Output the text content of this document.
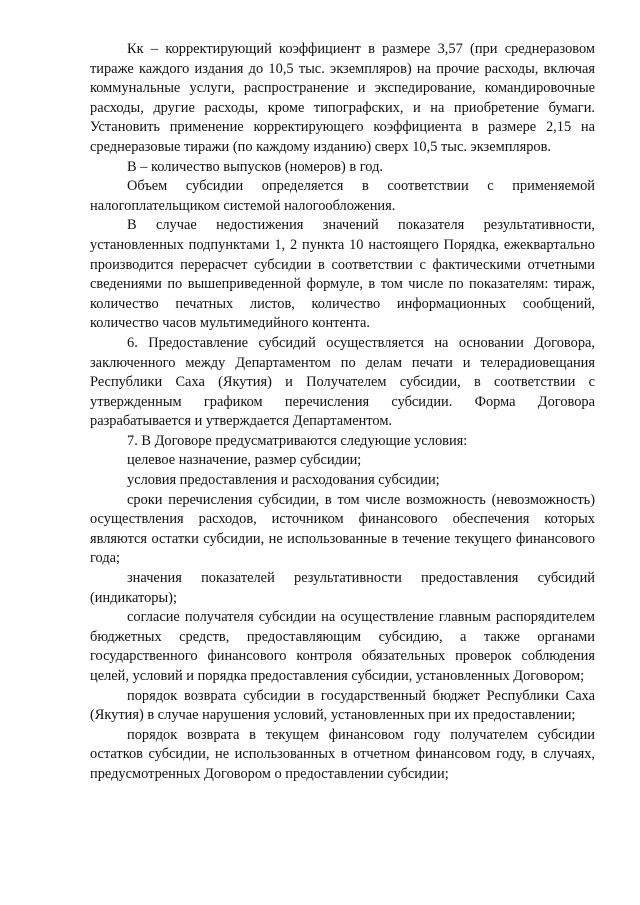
Кк – корректирующий коэффициент в размере 3,57 (при среднеразовом тираже каждого издания до 10,5 тыс. экземпляров) на прочие расходы, включая коммунальные услуги, распространение и экспедирование, командировочные расходы, другие расходы, кроме типографских, и на приобретение бумаги. Установить применение корректирующего коэффициента в размере 2,15 на среднеразовые тиражи (по каждому изданию) сверх 10,5 тыс. экземпляров.

В – количество выпусков (номеров) в год.

Объем субсидии определяется в соответствии с применяемой налогоплательщиком системой налогообложения.

В случае недостижения значений показателя результативности, установленных подпунктами 1, 2 пункта 10 настоящего Порядка, ежеквартально производится перерасчет субсидии в соответствии с фактическими отчетными сведениями по вышеприведенной формуле, в том числе по показателям: тираж, количество печатных листов, количество информационных сообщений, количество часов мультимедийного контента.

6. Предоставление субсидий осуществляется на основании Договора, заключенного между Департаментом по делам печати и телерадиовещания Республики Саха (Якутия) и Получателем субсидии, в соответствии с утвержденным графиком перечисления субсидии. Форма Договора разрабатывается и утверждается Департаментом.

7. В Договоре предусматриваются следующие условия:

целевое назначение, размер субсидии;

условия предоставления и расходования субсидии;

сроки перечисления субсидии, в том числе возможность (невозможность) осуществления расходов, источником финансового обеспечения которых являются остатки субсидии, не использованные в течение текущего финансового года;

значения показателей результативности предоставления субсидий (индикаторы);

согласие получателя субсидии на осуществление главным распорядителем бюджетных средств, предоставляющим субсидию, а также органами государственного финансового контроля обязательных проверок соблюдения целей, условий и порядка предоставления субсидии, установленных Договором;

порядок возврата субсидии в государственный бюджет Республики Саха (Якутия) в случае нарушения условий, установленных при их предоставлении;

порядок возврата в текущем финансовом году получателем субсидии остатков субсидии, не использованных в отчетном финансовом году, в случаях, предусмотренных Договором о предоставлении субсидии;
